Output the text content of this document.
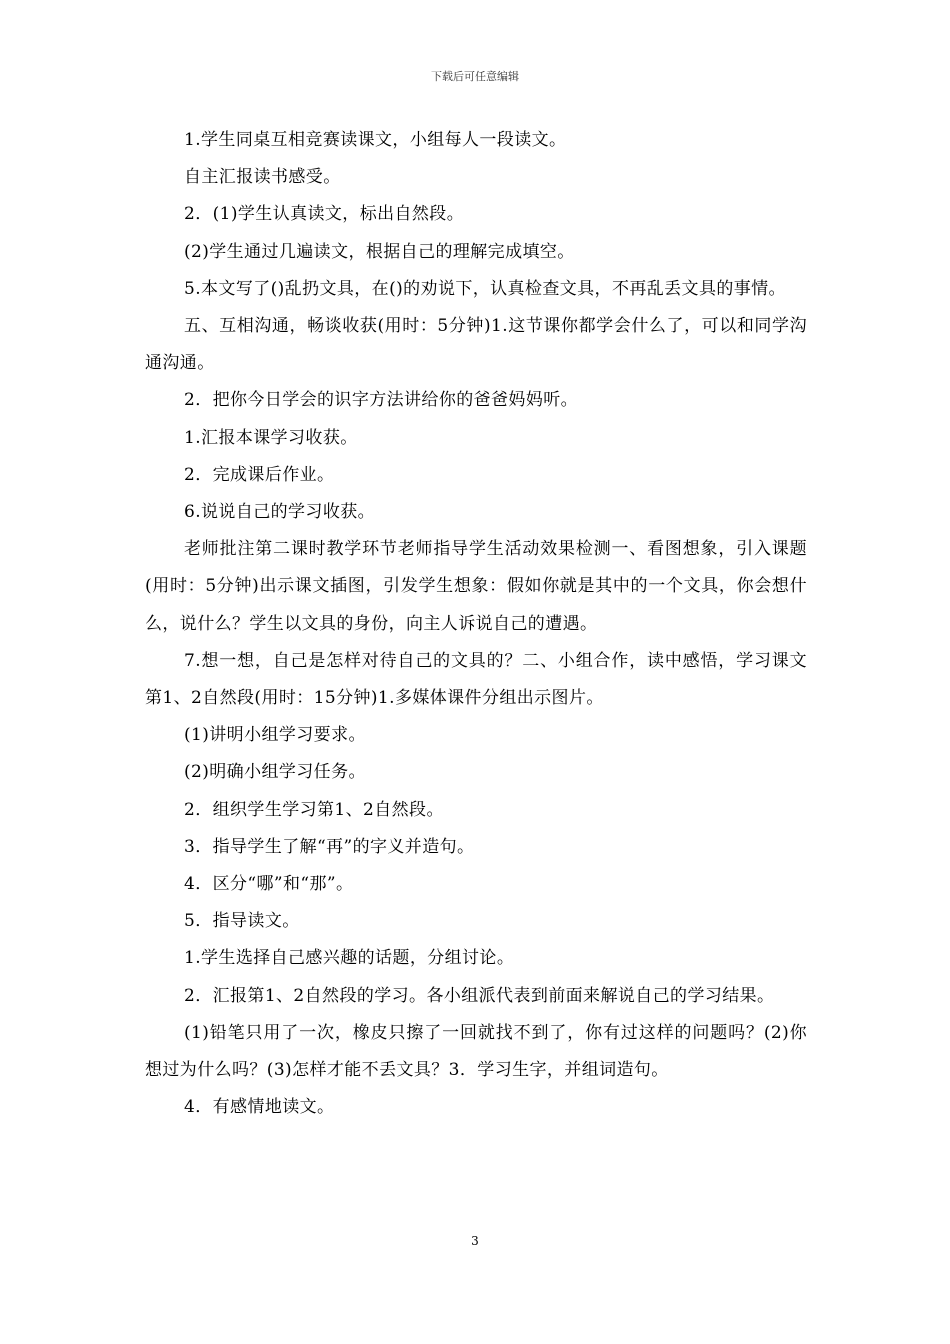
下载后可任意编辑

1.学生同桌互相竞赛读课文，小组每人一段读文。

自主汇报读书感受。

2．(1)学生认真读文，标出自然段。

(2)学生通过几遍读文，根据自己的理解完成填空。

5.本文写了()乱扔文具，在()的劝说下，认真检查文具，不再乱丢文具的事情。

五、互相沟通，畅谈收获(用时：5分钟)1.这节课你都学会什么了，可以和同学沟通沟通。

2．把你今日学会的识字方法讲给你的爸爸妈妈听。

1.汇报本课学习收获。

2．完成课后作业。

6.说说自己的学习收获。

老师批注第二课时教学环节老师指导学生活动效果检测一、看图想象，引入课题(用时：5分钟)出示课文插图，引发学生想象：假如你就是其中的一个文具，你会想什么，说什么？学生以文具的身份，向主人诉说自己的遭遇。

7.想一想，自己是怎样对待自己的文具的？二、小组合作，读中感悟，学习课文第1、2自然段(用时：15分钟)1.多媒体课件分组出示图片。

(1)讲明小组学习要求。

(2)明确小组学习任务。

2．组织学生学习第1、2自然段。

3．指导学生了解“再”的字义并造句。

4．区分“哪”和“那”。

5．指导读文。

1.学生选择自己感兴趣的话题，分组讨论。

2．汇报第1、2自然段的学习。各小组派代表到前面来解说自己的学习结果。

(1)铅笔只用了一次，橡皮只擦了一回就找不到了，你有过这样的问题吗？(2)你想过为什么吗？(3)怎样才能不丢文具？3．学习生字，并组词造句。

4．有感情地读文。

3
